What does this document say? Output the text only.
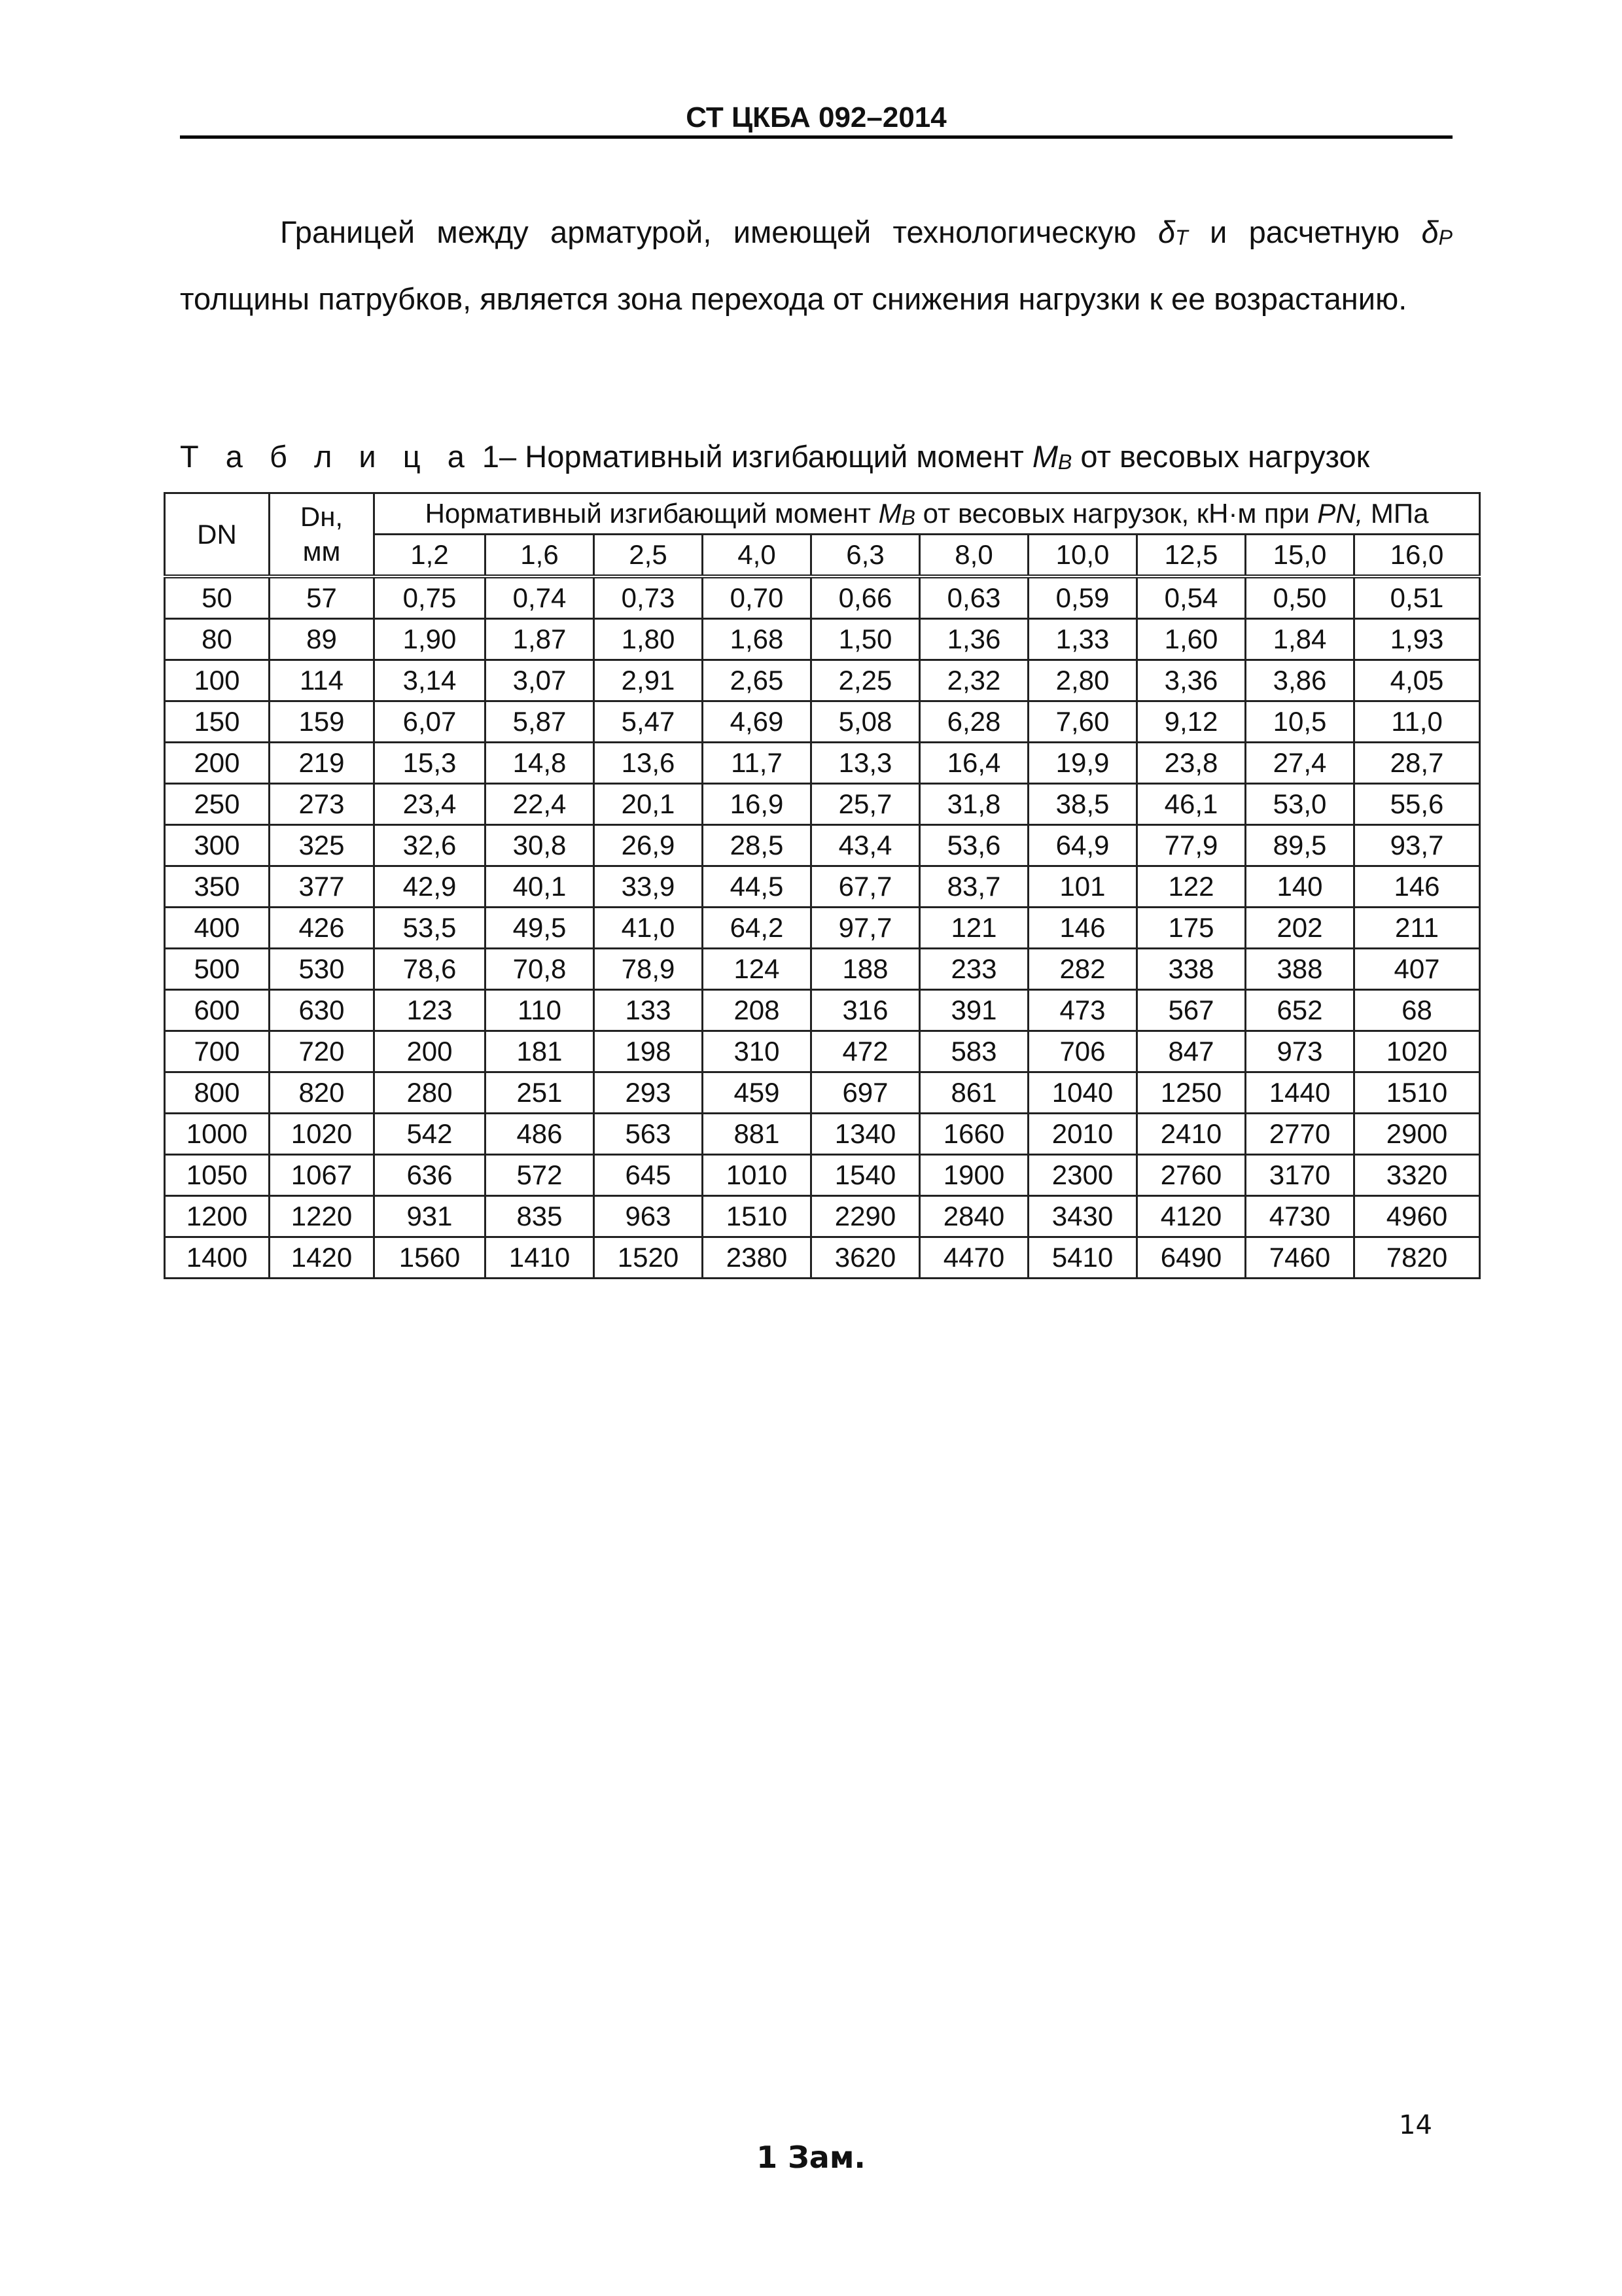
СТ ЦКБА 092–2014

Границей между арматурой, имеющей технологическую δT и расчетную δP толщины патрубков, является зона перехода от снижения нагрузки к ее возрастанию.

Т а б л и ц а 1– Нормативный изгибающий момент MB от весовых нагрузок
DN	Dн,
мм	Нормативный изгибающий момент MB от весовых нагрузок, кН·м при PN, МПа									
		1,2	1,6	2,5	4,0	6,3	8,0	10,0	12,5	15,0	16,0
50	57	0,75	0,74	0,73	0,70	0,66	0,63	0,59	0,54	0,50	0,51
80	89	1,90	1,87	1,80	1,68	1,50	1,36	1,33	1,60	1,84	1,93
100	114	3,14	3,07	2,91	2,65	2,25	2,32	2,80	3,36	3,86	4,05
150	159	6,07	5,87	5,47	4,69	5,08	6,28	7,60	9,12	10,5	11,0
200	219	15,3	14,8	13,6	11,7	13,3	16,4	19,9	23,8	27,4	28,7
250	273	23,4	22,4	20,1	16,9	25,7	31,8	38,5	46,1	53,0	55,6
300	325	32,6	30,8	26,9	28,5	43,4	53,6	64,9	77,9	89,5	93,7
350	377	42,9	40,1	33,9	44,5	67,7	83,7	101	122	140	146
400	426	53,5	49,5	41,0	64,2	97,7	121	146	175	202	211
500	530	78,6	70,8	78,9	124	188	233	282	338	388	407
600	630	123	110	133	208	316	391	473	567	652	68
700	720	200	181	198	310	472	583	706	847	973	1020
800	820	280	251	293	459	697	861	1040	1250	1440	1510
1000	1020	542	486	563	881	1340	1660	2010	2410	2770	2900
1050	1067	636	572	645	1010	1540	1900	2300	2760	3170	3320
1200	1220	931	835	963	1510	2290	2840	3430	4120	4730	4960
1400	1420	1560	1410	1520	2380	3620	4470	5410	6490	7460	7820
14
1 Зам.
